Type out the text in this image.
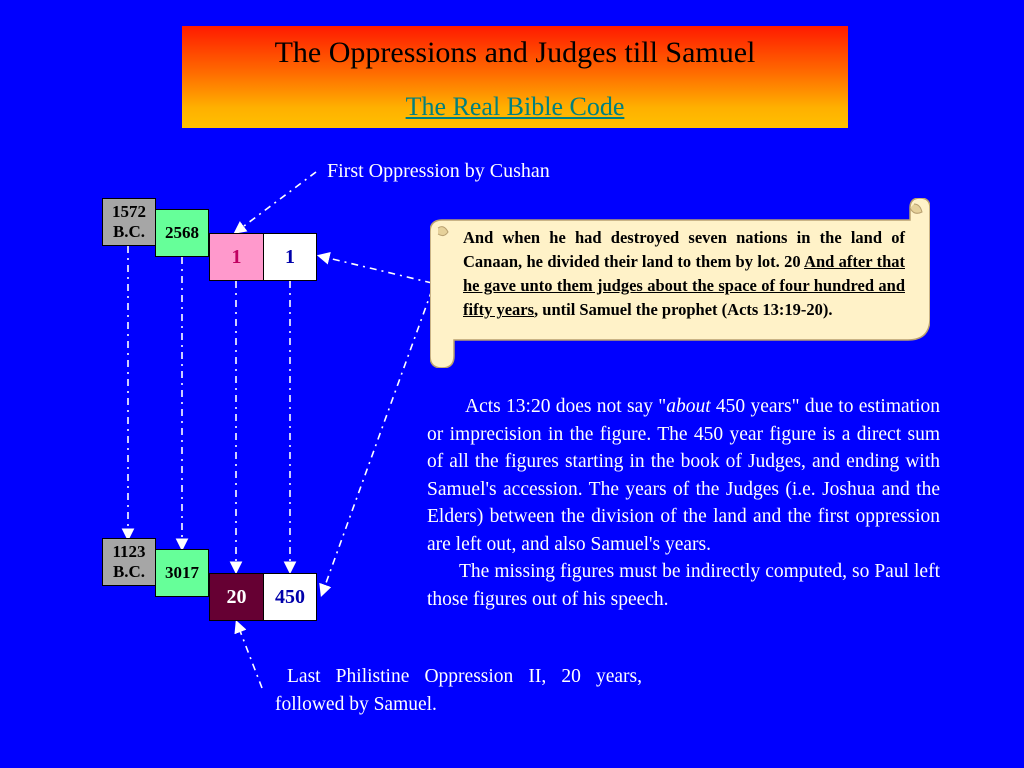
The Oppressions and Judges till Samuel
The Real Bible Code
First Oppression by Cushan
1572
B.C. 2568
1 1
1123
B.C. 3017
20 450
And when he had destroyed seven nations in the land of Canaan, he divided their land to them by lot. 20 And after that he gave unto them judges about the space of four hundred and fifty years, until Samuel the prophet (Acts 13:19-20).
Acts 13:20 does not say "about 450 years" due to estimation or imprecision in the figure. The 450 year figure is a direct sum of all the figures starting in the book of Judges, and ending with Samuel's accession. The years of the Judges (i.e. Joshua and the Elders) between the division of the land and the first oppression are left out, and also Samuel's years.
The missing figures must be indirectly computed, so Paul left those figures out of his speech.
Last Philistine Oppression II, 20 years, followed by Samuel.
